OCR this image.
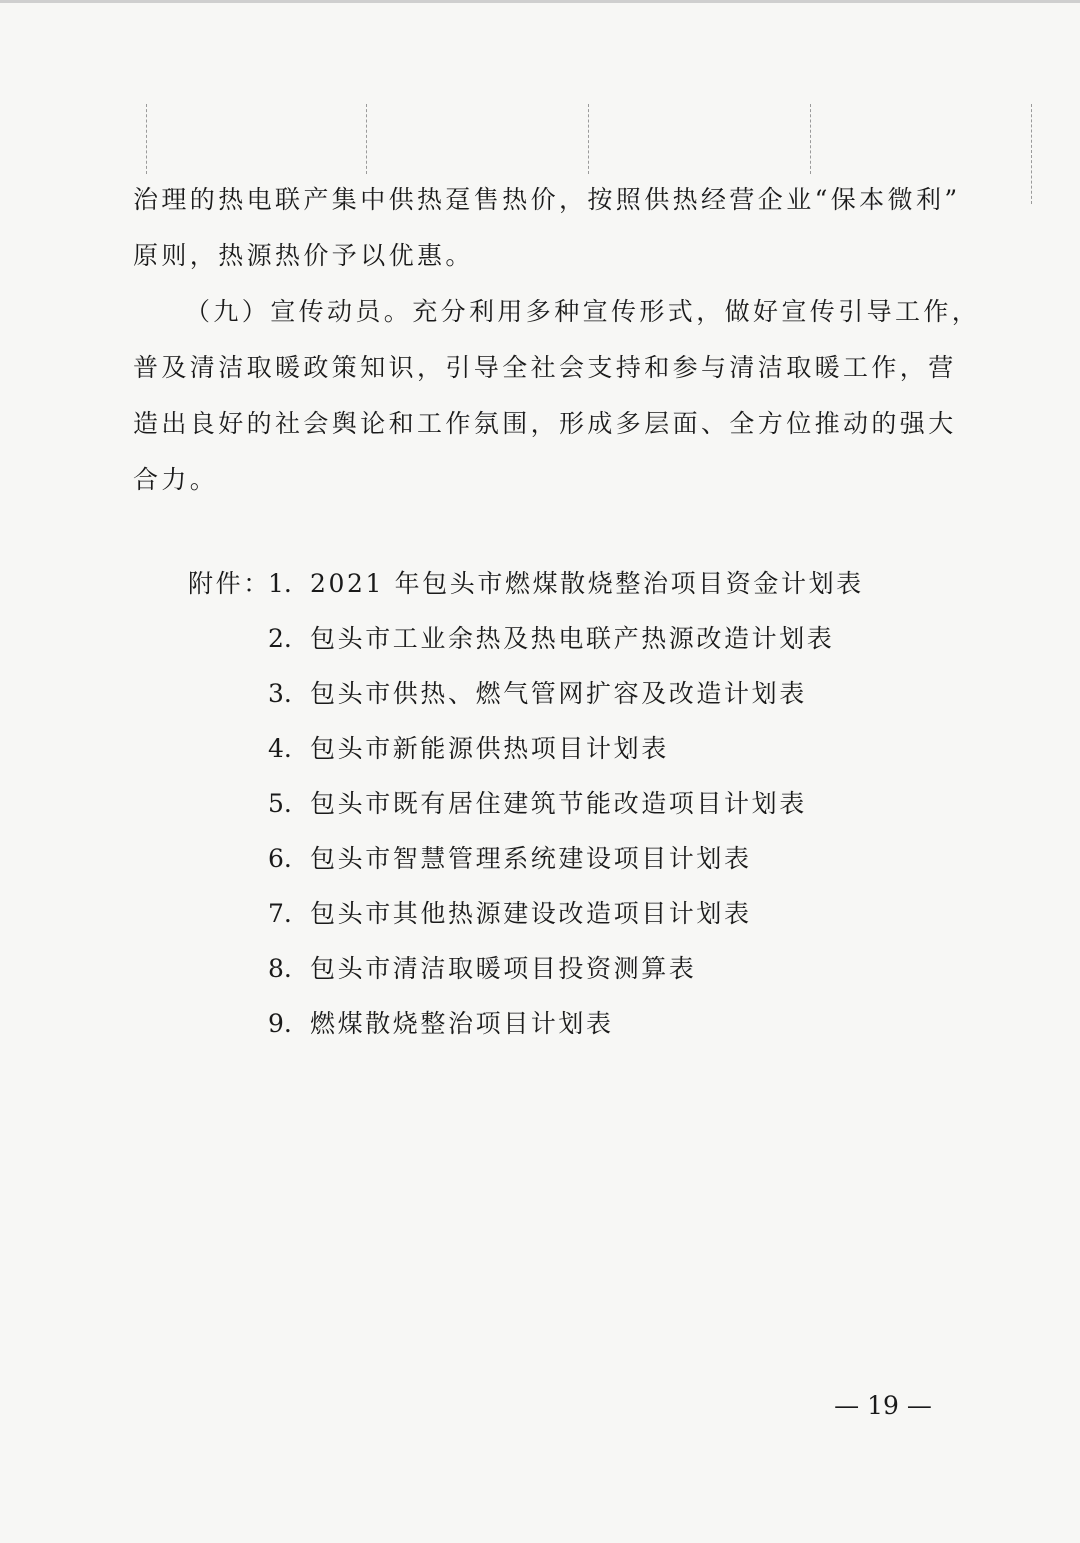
治理的热电联产集中供热趸售热价，按照供热经营企业“保本微利”
原则，热源热价予以优惠。
（九）宣传动员。充分利用多种宣传形式，做好宣传引导工作，
普及清洁取暖政策知识，引导全社会支持和参与清洁取暖工作，营
造出良好的社会舆论和工作氛围，形成多层面、全方位推动的强大
合力。
附件：
1. 2021 年包头市燃煤散烧整治项目资金计划表
2. 包头市工业余热及热电联产热源改造计划表
3. 包头市供热、燃气管网扩容及改造计划表
4. 包头市新能源供热项目计划表
5. 包头市既有居住建筑节能改造项目计划表
6. 包头市智慧管理系统建设项目计划表
7. 包头市其他热源建设改造项目计划表
8. 包头市清洁取暖项目投资测算表
9. 燃煤散烧整治项目计划表
— 19 —
